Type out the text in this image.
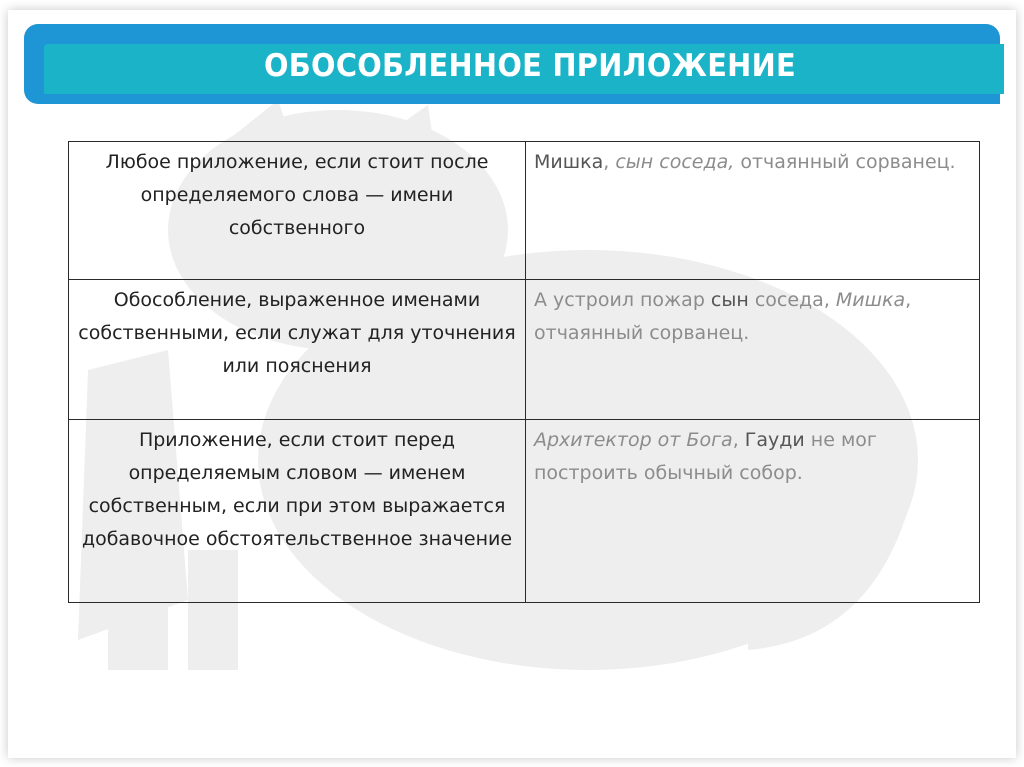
ОБОСОБЛЕННОЕ ПРИЛОЖЕНИЕ
Любое приложение, если стоит после определяемого слова — имени собственного	Мишка, сын соседа, отчаянный сорванец.
Обособление, выраженное именами собственными, если служат для уточнения или пояснения	А устроил пожар сын соседа, Мишка, отчаянный сорванец.
Приложение, если стоит перед определяемым словом — именем собственным, если при этом выражается добавочное обстоятельственное значение	Архитектор от Бога, Гауди не мог построить обычный собор.
